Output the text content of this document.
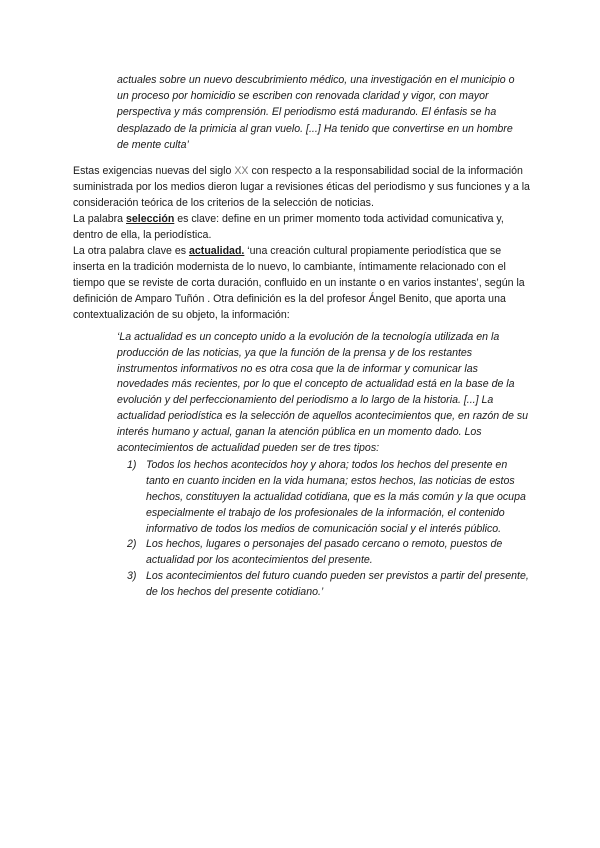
actuales sobre un nuevo descubrimiento médico, una investigación en el municipio o un proceso por homicidio se escriben con renovada claridad y vigor, con mayor perspectiva y más comprensión. El periodismo está madurando. El énfasis se ha desplazado de la primicia al gran vuelo. [...] Ha tenido que convertirse en un hombre de mente culta’

Estas exigencias nuevas del siglo XX con respecto a la responsabilidad social de la información suministrada por los medios dieron lugar a revisiones éticas del periodismo y sus funciones y a la consideración teórica de los criterios de la selección de noticias.

La palabra selección es clave: define en un primer momento toda actividad comunicativa y, dentro de ella, la periodística.

La otra palabra clave es actualidad. ‘una creación cultural propiamente periodística que se inserta en la tradición modernista de lo nuevo, lo cambiante, íntimamente relacionado con el tiempo que se reviste de corta duración, confluido en un instante o en varios instantes’, según la definición de Amparo Tuñón . Otra definición es la del profesor Ángel Benito, que aporta una contextualización de su objeto, la información:

‘La actualidad es un concepto unido a la evolución de la tecnología utilizada en la producción de las noticias, ya que la función de la prensa y de los restantes instrumentos informativos no es otra cosa que la de informar y comunicar las novedades más recientes, por lo que el concepto de actualidad está en la base de la evolución y del perfeccionamiento del periodismo a lo largo de la historia. [...] La actualidad periodística es la selección de aquellos acontecimientos que, en razón de su interés humano y actual, ganan la atención pública en un momento dado. Los acontecimientos de actualidad pueden ser de tres tipos:

1) Todos los hechos acontecidos hoy y ahora; todos los hechos del presente en tanto en cuanto inciden en la vida humana; estos hechos, las noticias de estos hechos, constituyen la actualidad cotidiana, que es la más común y la que ocupa especialmente el trabajo de los profesionales de la información, el contenido informativo de todos los medios de comunicación social y el interés público.
2) Los hechos, lugares o personajes del pasado cercano o remoto, puestos de actualidad por los acontecimientos del presente.
3) Los acontecimientos del futuro cuando pueden ser previstos a partir del presente, de los hechos del presente cotidiano.’
